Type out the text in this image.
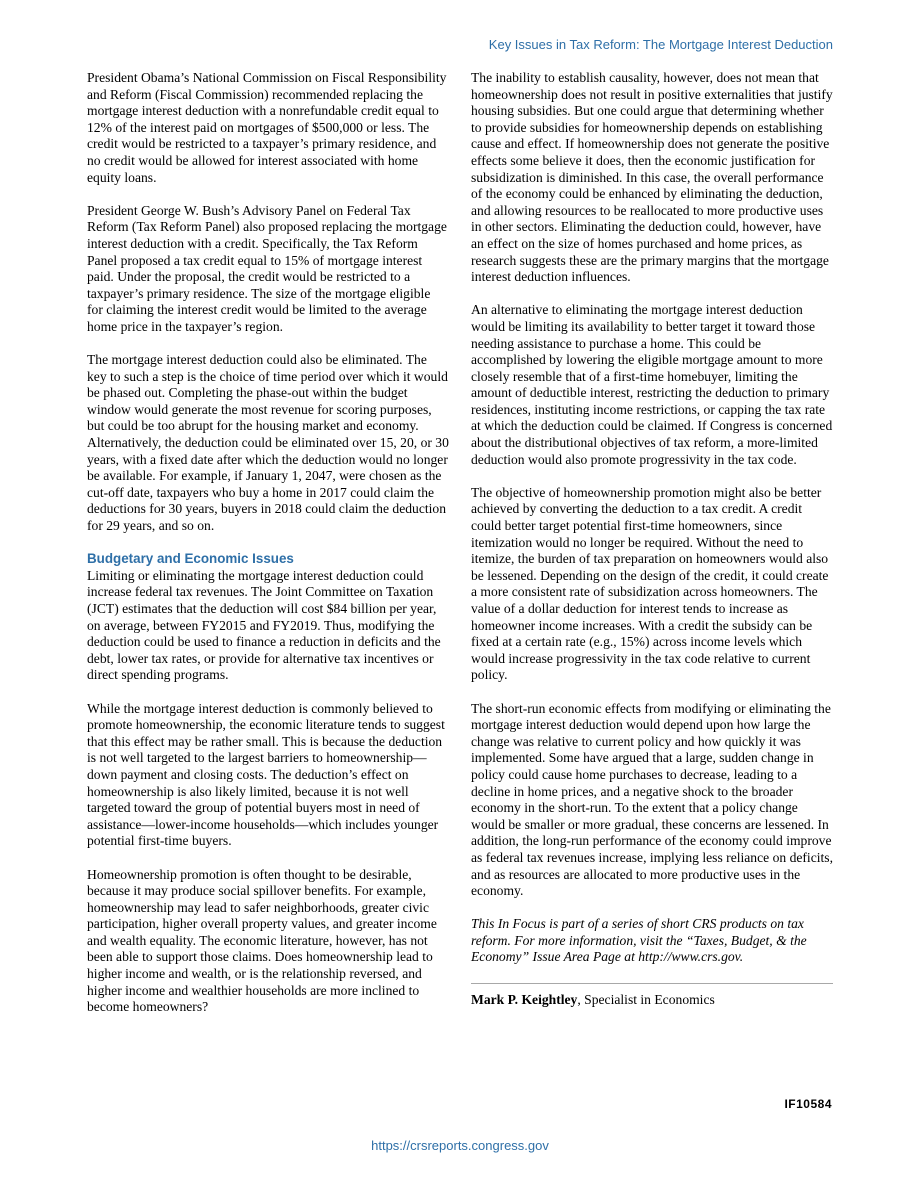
Key Issues in Tax Reform: The Mortgage Interest Deduction

President Obama’s National Commission on Fiscal Responsibility and Reform (Fiscal Commission) recommended replacing the mortgage interest deduction with a nonrefundable credit equal to 12% of the interest paid on mortgages of $500,000 or less. The credit would be restricted to a taxpayer’s primary residence, and no credit would be allowed for interest associated with home equity loans.

President George W. Bush’s Advisory Panel on Federal Tax Reform (Tax Reform Panel) also proposed replacing the mortgage interest deduction with a credit. Specifically, the Tax Reform Panel proposed a tax credit equal to 15% of mortgage interest paid. Under the proposal, the credit would be restricted to a taxpayer’s primary residence. The size of the mortgage eligible for claiming the interest credit would be limited to the average home price in the taxpayer’s region.

The mortgage interest deduction could also be eliminated. The key to such a step is the choice of time period over which it would be phased out. Completing the phase-out within the budget window would generate the most revenue for scoring purposes, but could be too abrupt for the housing market and economy. Alternatively, the deduction could be eliminated over 15, 20, or 30 years, with a fixed date after which the deduction would no longer be available. For example, if January 1, 2047, were chosen as the cut-off date, taxpayers who buy a home in 2017 could claim the deductions for 30 years, buyers in 2018 could claim the deduction for 29 years, and so on.

Budgetary and Economic Issues

Limiting or eliminating the mortgage interest deduction could increase federal tax revenues. The Joint Committee on Taxation (JCT) estimates that the deduction will cost $84 billion per year, on average, between FY2015 and FY2019. Thus, modifying the deduction could be used to finance a reduction in deficits and the debt, lower tax rates, or provide for alternative tax incentives or direct spending programs.

While the mortgage interest deduction is commonly believed to promote homeownership, the economic literature tends to suggest that this effect may be rather small. This is because the deduction is not well targeted to the largest barriers to homeownership—down payment and closing costs. The deduction’s effect on homeownership is also likely limited, because it is not well targeted toward the group of potential buyers most in need of assistance—lower-income households—which includes younger potential first-time buyers.

Homeownership promotion is often thought to be desirable, because it may produce social spillover benefits. For example, homeownership may lead to safer neighborhoods, greater civic participation, higher overall property values, and greater income and wealth equality. The economic literature, however, has not been able to support those claims. Does homeownership lead to higher income and wealth, or is the relationship reversed, and higher income and wealthier households are more inclined to become homeowners?

The inability to establish causality, however, does not mean that homeownership does not result in positive externalities that justify housing subsidies. But one could argue that determining whether to provide subsidies for homeownership depends on establishing cause and effect. If homeownership does not generate the positive effects some believe it does, then the economic justification for subsidization is diminished. In this case, the overall performance of the economy could be enhanced by eliminating the deduction, and allowing resources to be reallocated to more productive uses in other sectors. Eliminating the deduction could, however, have an effect on the size of homes purchased and home prices, as research suggests these are the primary margins that the mortgage interest deduction influences.

An alternative to eliminating the mortgage interest deduction would be limiting its availability to better target it toward those needing assistance to purchase a home. This could be accomplished by lowering the eligible mortgage amount to more closely resemble that of a first-time homebuyer, limiting the amount of deductible interest, restricting the deduction to primary residences, instituting income restrictions, or capping the tax rate at which the deduction could be claimed. If Congress is concerned about the distributional objectives of tax reform, a more-limited deduction would also promote progressivity in the tax code.

The objective of homeownership promotion might also be better achieved by converting the deduction to a tax credit. A credit could better target potential first-time homeowners, since itemization would no longer be required. Without the need to itemize, the burden of tax preparation on homeowners would also be lessened. Depending on the design of the credit, it could create a more consistent rate of subsidization across homeowners. The value of a dollar deduction for interest tends to increase as homeowner income increases. With a credit the subsidy can be fixed at a certain rate (e.g., 15%) across income levels which would increase progressivity in the tax code relative to current policy.

The short-run economic effects from modifying or eliminating the mortgage interest deduction would depend upon how large the change was relative to current policy and how quickly it was implemented. Some have argued that a large, sudden change in policy could cause home purchases to decrease, leading to a decline in home prices, and a negative shock to the broader economy in the short-run. To the extent that a policy change would be smaller or more gradual, these concerns are lessened. In addition, the long-run performance of the economy could improve as federal tax revenues increase, implying less reliance on deficits, and as resources are allocated to more productive uses in the economy.

This In Focus is part of a series of short CRS products on tax reform. For more information, visit the “Taxes, Budget, & the Economy” Issue Area Page at http://www.crs.gov.

Mark P. Keightley, Specialist in Economics

IF10584
https://crsreports.congress.gov
